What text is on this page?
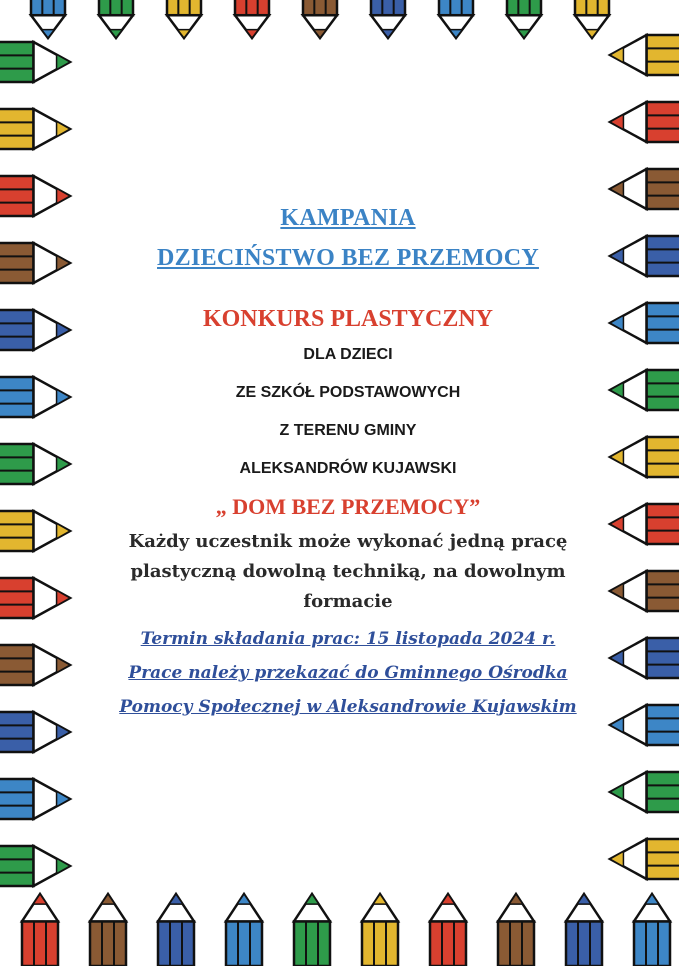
KAMPANIA
DZIECIŃSTWO BEZ PRZEMOCY
KONKURS PLASTYCZNY
DLA DZIECI
ZE SZKÓŁ PODSTAWOWYCH
Z TERENU GMINY
ALEKSANDRÓW KUJAWSKI
„ DOM BEZ PRZEMOCY”
Każdy uczestnik może wykonać jedną pracę
plastyczną dowolną techniką, na dowolnym
formacie
Termin składania prac: 15 listopada 2024 r.
Prace należy przekazać do Gminnego Ośrodka
Pomocy Społecznej w Aleksandrowie Kujawskim
